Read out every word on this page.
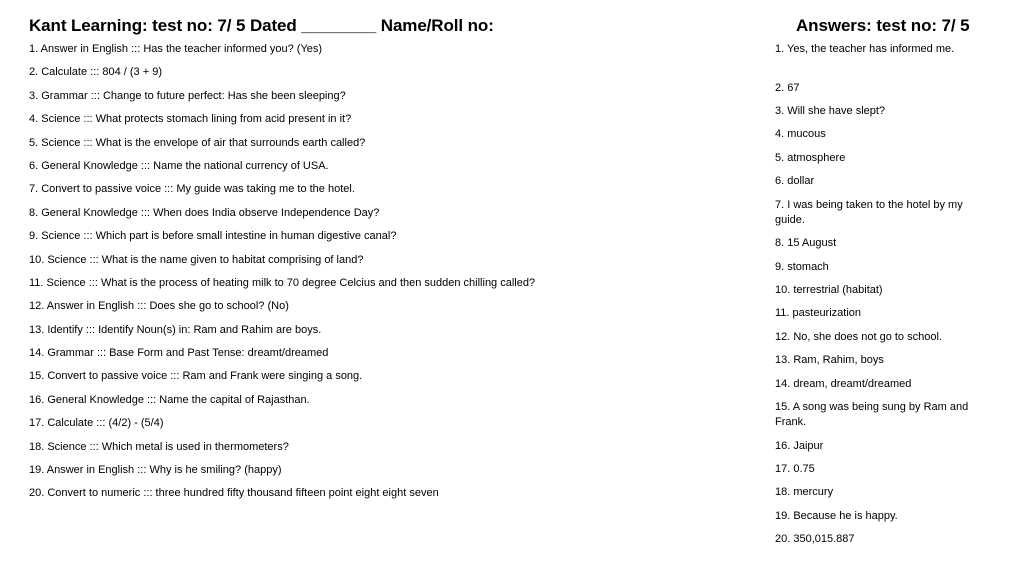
Kant Learning: test no: 7/ 5 Dated ________ Name/Roll no:	Answers: test no: 7/ 5
1. Answer in English ::: Has the teacher informed you? (Yes)
2. Calculate ::: 804 / (3 + 9)
3. Grammar ::: Change to future perfect: Has she been sleeping?
4. Science ::: What protects stomach lining from acid present in it?
5. Science ::: What is the envelope of air that surrounds earth called?
6. General Knowledge ::: Name the national currency of USA.
7. Convert to passive voice ::: My guide was taking me to the hotel.
8. General Knowledge ::: When does India observe Independence Day?
9. Science ::: Which part is before small intestine in human digestive canal?
10. Science ::: What is the name given to habitat comprising of land?
11. Science ::: What is the process of heating milk to 70 degree Celcius and then sudden chilling called?
12. Answer in English ::: Does she go to school? (No)
13. Identify ::: Identify Noun(s) in: Ram and Rahim are boys.
14. Grammar ::: Base Form and Past Tense: dreamt/dreamed
15. Convert to passive voice ::: Ram and Frank were singing a song.
16. General Knowledge ::: Name the capital of Rajasthan.
17. Calculate ::: (4/2) - (5/4)
18. Science ::: Which metal is used in thermometers?
19. Answer in English ::: Why is he smiling? (happy)
20. Convert to numeric ::: three hundred fifty thousand fifteen point eight eight seven
1. Yes, the teacher has informed me.
2. 67
3. Will she have slept?
4. mucous
5. atmosphere
6. dollar
7. I was being taken to the hotel by my guide.
8. 15 August
9. stomach
10. terrestrial (habitat)
11. pasteurization
12. No, she does not go to school.
13. Ram, Rahim, boys
14. dream, dreamt/dreamed
15. A song was being sung by Ram and Frank.
16. Jaipur
17. 0.75
18. mercury
19. Because he is happy.
20. 350,015.887
